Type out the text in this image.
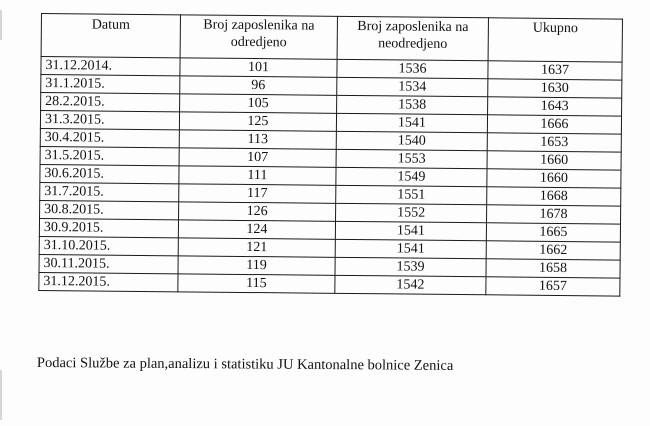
Datum	Broj zaposlenika na odredjeno	Broj zaposlenika na neodredjeno	Ukupno
31.12.2014.	101	1536	1637
31.1.2015.	96	1534	1630
28.2.2015.	105	1538	1643
31.3.2015.	125	1541	1666
30.4.2015.	113	1540	1653
31.5.2015.	107	1553	1660
30.6.2015.	111	1549	1660
31.7.2015.	117	1551	1668
30.8.2015.	126	1552	1678
30.9.2015.	124	1541	1665
31.10.2015.	121	1541	1662
30.11.2015.	119	1539	1658
31.12.2015.	115	1542	1657
Podaci Službe za plan,analizu i statistiku JU Kantonalne bolnice Zenica
